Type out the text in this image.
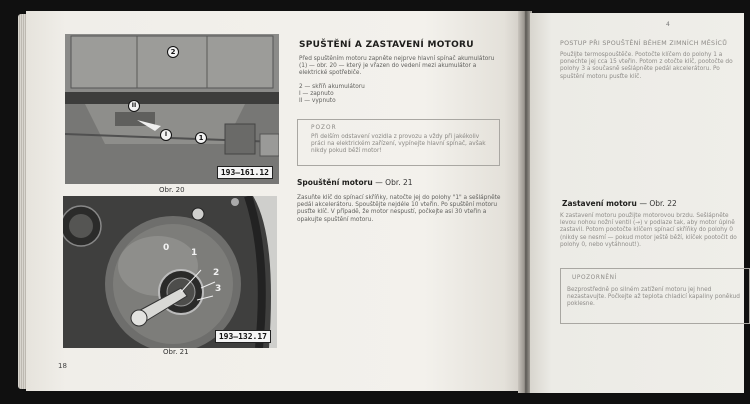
2
II
I	1
193—161.12
Obr. 20
0 1
2
3
193—132.17
Obr. 21
18
SPUŠTĚNÍ A ZASTAVENÍ MOTORU
Před spuštěním motoru zapněte nejprve hlavní spínač akumulátoru (1) — obr. 20 — který je vřazen do vedení mezi akumulátor a elektrické spotřebiče.
2 — skříň akumulátoru
I — zapnuto
II — vypnuto
POZOR
Při delším odstavení vozidla z provozu a vždy při jakékoliv práci na elektrickém zařízení, vypínejte hlavní spínač, avšak nikdy pokud běží motor!
Spouštění motoru — Obr. 21
Zasuňte klíč do spínací skříňky, natočte jej do polohy "1" a sešlápněte pedál akcelerátoru. Spouštějte nejdéle 10 vteřin. Po spuštění motoru pusťte klíč. V případě, že motor nespustí, počkejte asi 30 vteřin a opakujte spuštění motoru.
4
POSTUP PŘI SPOUŠTĚNÍ BĚHEM ZIMNÍCH MĚSÍCŮ
Použijte termospouštěče. Pootočte klíčem do polohy 1 a ponechte jej cca 15 vteřin. Potom z otočte klíč, pootočte do polohy 3 a současně sešlápněte pedál akcelerátoru. Po spuštění motoru pusťte klíč.
Zastavení motoru — Obr. 22
K zastavení motoru použijte motorovou brzdu. Sešlápněte levou nohou nožní ventil (→) v podlaze tak, aby motor úplně zastavil. Potom pootočte klíčem spínací skříňky do polohy 0 (nikdy se nesmí — pokud motor ještě běží, klíček pootočit do polohy 0, nebo vytáhnout!).
UPOZORNĚNÍ
Bezprostředně po silném zatížení motoru jej hned nezastavujte. Počkejte až teplota chladicí kapaliny poněkud poklesne.
